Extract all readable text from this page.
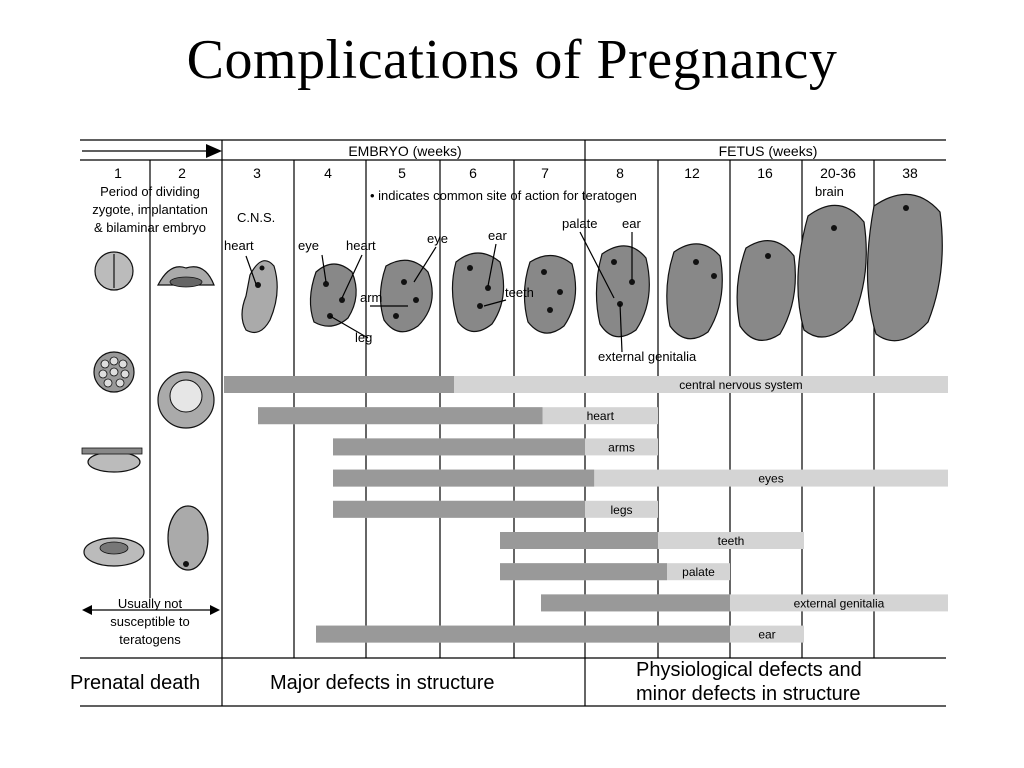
Complications of Pregnancy
EMBRYO (weeks)	FETUS (weeks)
1	2	3	4	5	6	7	8	12	16	20-36	38
Period of dividing
zygote, implantation
& bilaminar embryo
• indicates common site of action for teratogen
C.N.S.
heart	eye heart	eye	ear
arm
leg
teeth
palate ear
brain
external genitalia
central nervous system
heart
arms
eyes
legs
teeth
palate
external genitalia
ear
Usually not
susceptible to
teratogens
Prenatal death	Major defects in structure
Physiological defects and
minor defects in structure
